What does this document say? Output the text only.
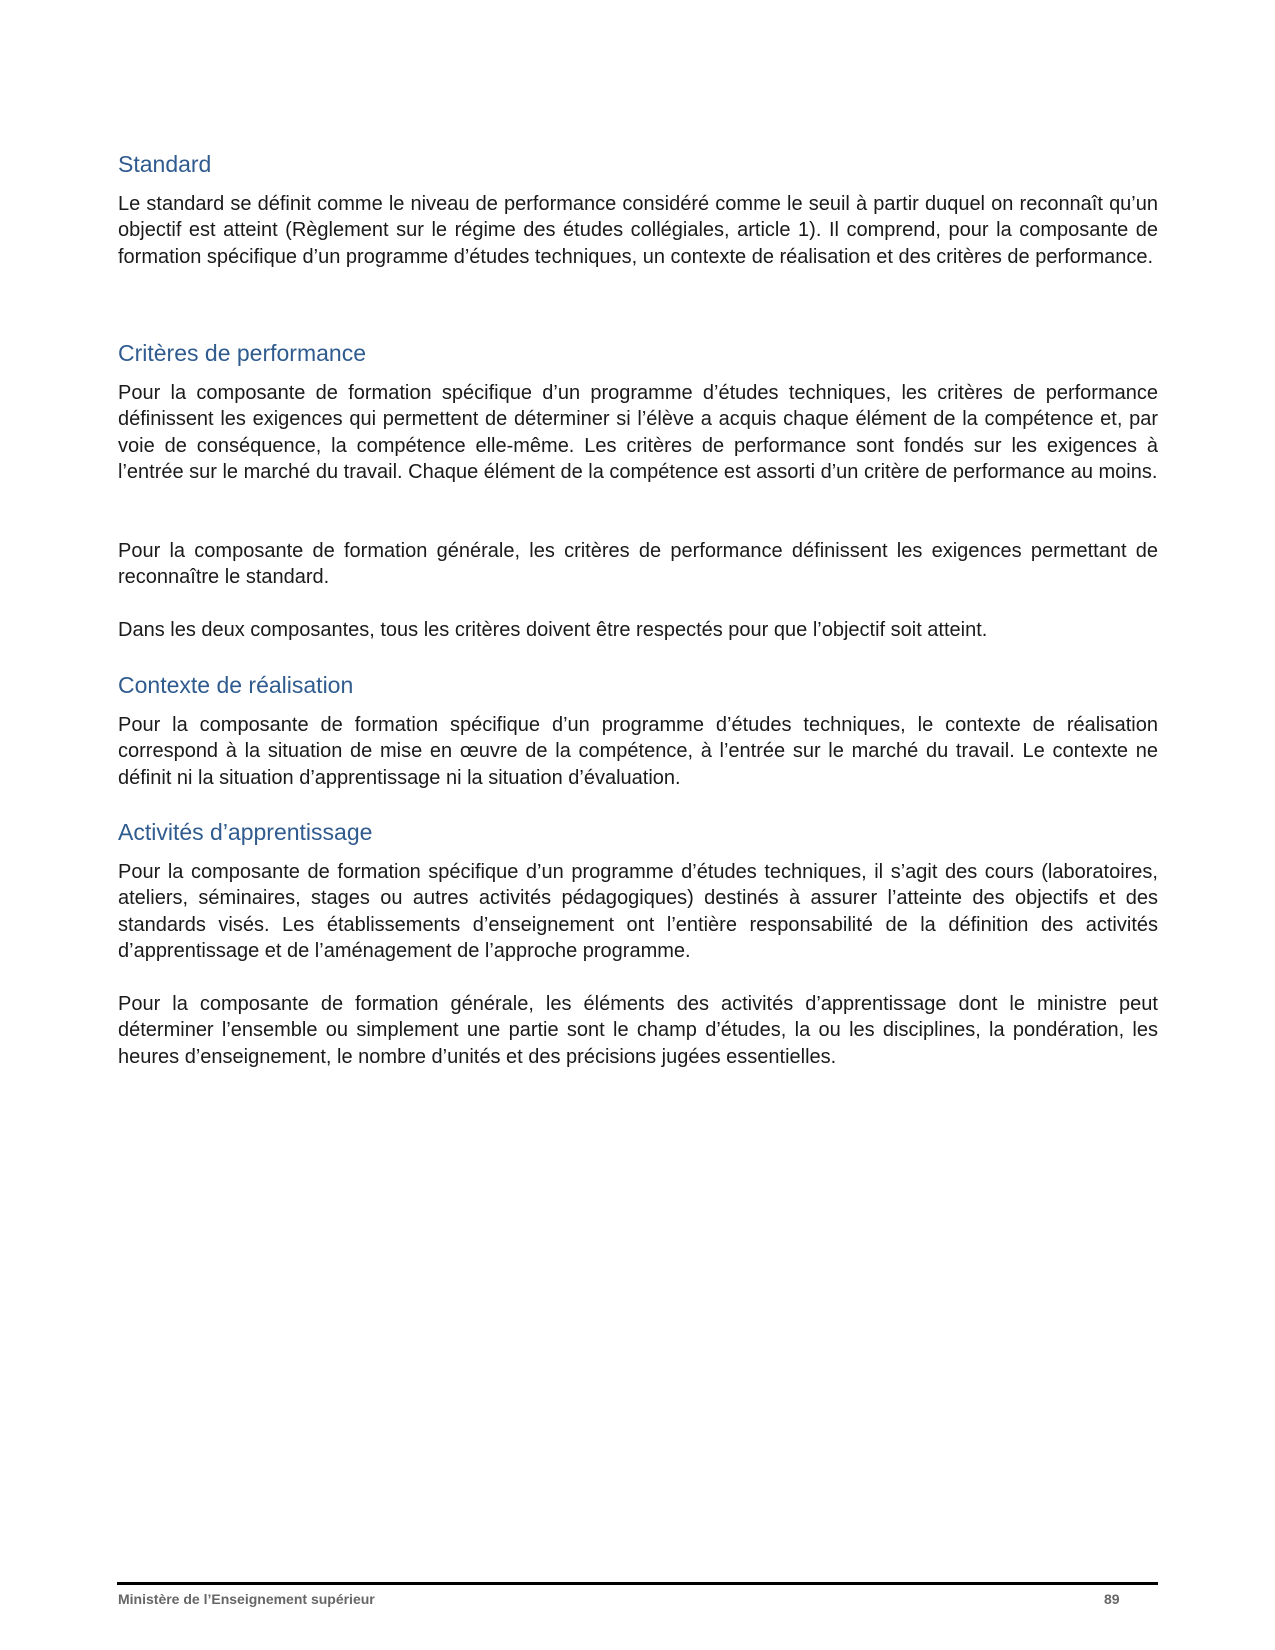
Standard

Le standard se définit comme le niveau de performance considéré comme le seuil à partir duquel on reconnaît qu’un objectif est atteint (Règlement sur le régime des études collégiales, article 1). Il comprend, pour la composante de formation spécifique d’un programme d’études techniques, un contexte de réalisation et des critères de performance.

Critères de performance

Pour la composante de formation spécifique d’un programme d’études techniques, les critères de performance définissent les exigences qui permettent de déterminer si l’élève a acquis chaque élément de la compétence et, par voie de conséquence, la compétence elle-même. Les critères de performance sont fondés sur les exigences à l’entrée sur le marché du travail. Chaque élément de la compétence est assorti d’un critère de performance au moins.

Pour la composante de formation générale, les critères de performance définissent les exigences permettant de reconnaître le standard.

Dans les deux composantes, tous les critères doivent être respectés pour que l’objectif soit atteint.

Contexte de réalisation

Pour la composante de formation spécifique d’un programme d’études techniques, le contexte de réalisation correspond à la situation de mise en œuvre de la compétence, à l’entrée sur le marché du travail. Le contexte ne définit ni la situation d’apprentissage ni la situation d’évaluation.

Activités d’apprentissage

Pour la composante de formation spécifique d’un programme d’études techniques, il s’agit des cours (laboratoires, ateliers, séminaires, stages ou autres activités pédagogiques) destinés à assurer l’atteinte des objectifs et des standards visés. Les établissements d’enseignement ont l’entière responsabilité de la définition des activités d’apprentissage et de l’aménagement de l’approche programme.

Pour la composante de formation générale, les éléments des activités d’apprentissage dont le ministre peut déterminer l’ensemble ou simplement une partie sont le champ d’études, la ou les disciplines, la pondération, les heures d’enseignement, le nombre d’unités et des précisions jugées essentielles.

Ministère de l’Enseignement supérieur	89
